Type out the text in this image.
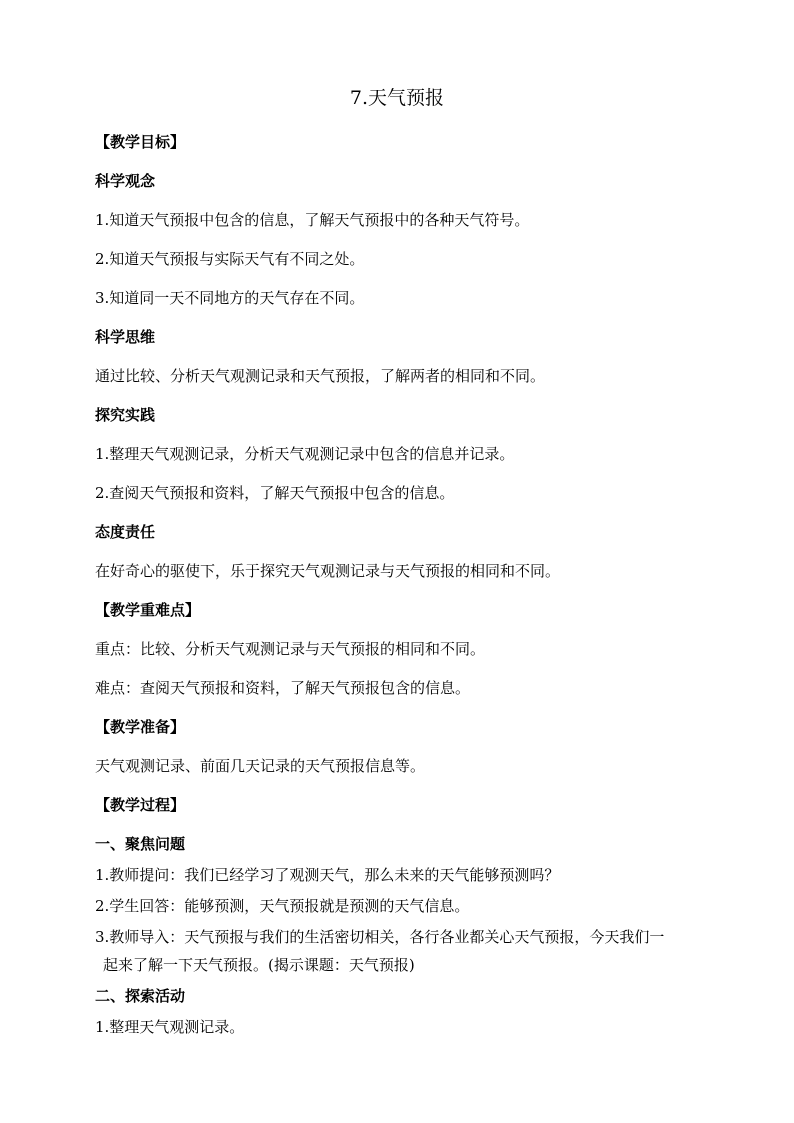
7.天气预报
【教学目标】
科学观念
1.知道天气预报中包含的信息，了解天气预报中的各种天气符号。
2.知道天气预报与实际天气有不同之处。
3.知道同一天不同地方的天气存在不同。
科学思维
通过比较、分析天气观测记录和天气预报，了解两者的相同和不同。
探究实践
1.整理天气观测记录，分析天气观测记录中包含的信息并记录。
2.查阅天气预报和资料，了解天气预报中包含的信息。
态度责任
在好奇心的驱使下，乐于探究天气观测记录与天气预报的相同和不同。
【教学重难点】
重点：比较、分析天气观测记录与天气预报的相同和不同。
难点：查阅天气预报和资料，了解天气预报包含的信息。
【教学准备】
天气观测记录、前面几天记录的天气预报信息等。
【教学过程】
一、聚焦问题
1.教师提问：我们已经学习了观测天气，那么未来的天气能够预测吗？
2.学生回答：能够预测，天气预报就是预测的天气信息。
3.教师导入：天气预报与我们的生活密切相关，各行各业都关心天气预报，今天我们一
起来了解一下天气预报。(揭示课题：天气预报)
二、探索活动
1.整理天气观测记录。
